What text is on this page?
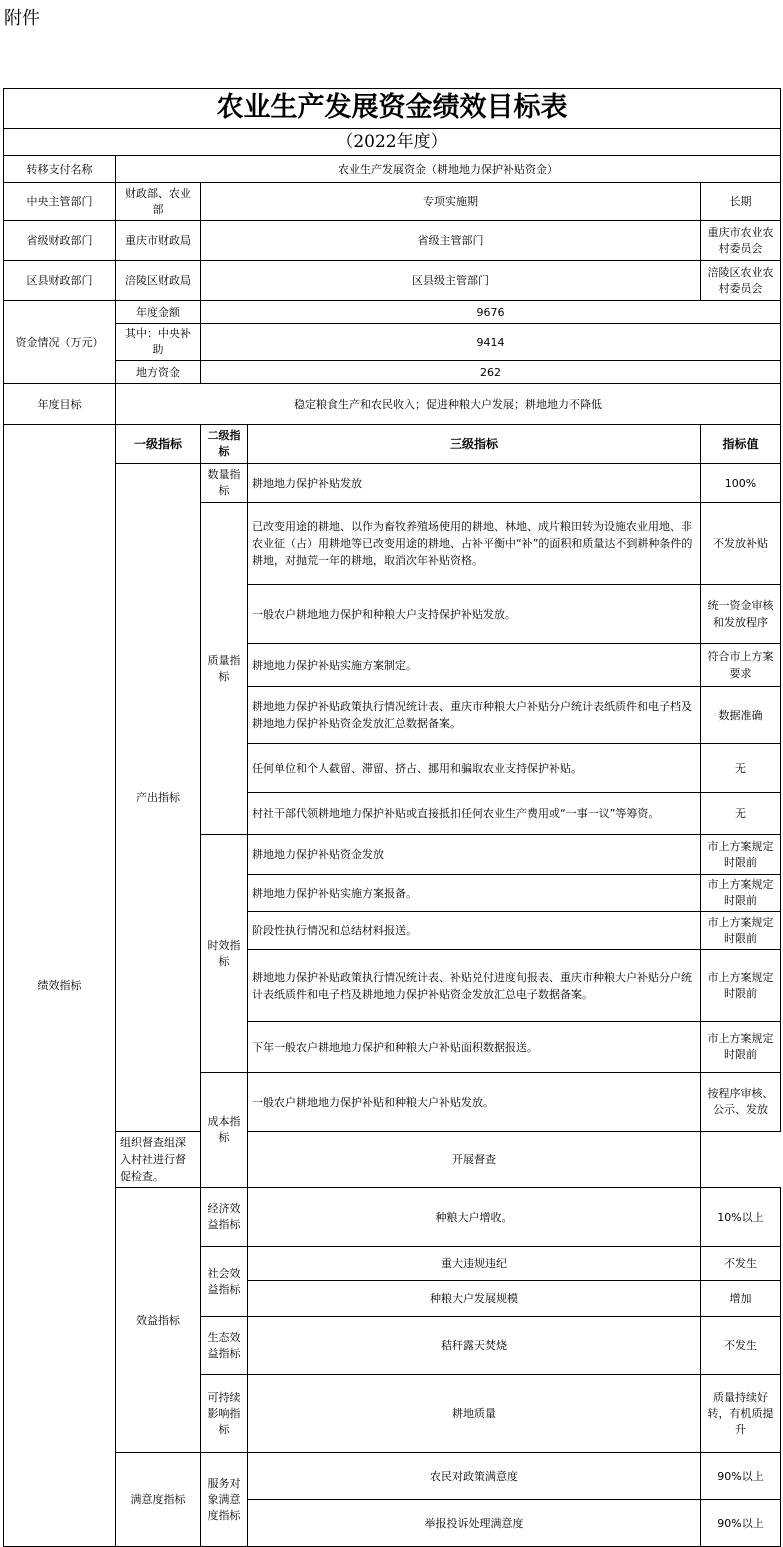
附件
农业生产发展资金绩效目标表				
（2022年度）				
转移支付名称	农业生产发展资金（耕地地力保护补贴资金）			
中央主管部门	财政部、农业部	专项实施期		长期
省级财政部门	重庆市财政局	省级主管部门		重庆市农业农村委员会
区县财政部门	涪陵区财政局	区县级主管部门		涪陵区农业农村委员会
资金情况（万元）	年度金额	9676		
	其中：中央补助	9414		
	地方资金	262		
年度目标	稳定粮食生产和农民收入；促进种粮大户发展；耕地地力不降低			
绩效指标	一级指标	二级指标	三级指标	指标值
	产出指标	数量指标	耕地地力保护补贴发放	100%
		质量指标	已改变用途的耕地、以作为畜牧养殖场使用的耕地、林地、成片粮田转为设施农业用地、非农业征（占）用耕地等已改变用途的耕地、占补平衡中“补”的面积和质量达不到耕种条件的耕地，对抛荒一年的耕地，取消次年补贴资格。	不发放补贴
			一般农户耕地地力保护和种粮大户支持保护补贴发放。	统一资金审核和发放程序
			耕地地力保护补贴实施方案制定。	符合市上方案要求
			耕地地力保护补贴政策执行情况统计表、重庆市种粮大户补贴分户统计表纸质件和电子档及耕地地力保护补贴资金发放汇总数据备案。	数据准确
			任何单位和个人截留、滞留、挤占、挪用和骗取农业支持保护补贴。	无
			村社干部代领耕地地力保护补贴或直接抵扣任何农业生产费用或“一事一议”等筹资。	无
		时效指标	耕地地力保护补贴资金发放	市上方案规定时限前
			耕地地力保护补贴实施方案报备。	市上方案规定时限前
			阶段性执行情况和总结材料报送。	市上方案规定时限前
			耕地地力保护补贴政策执行情况统计表、补贴兑付进度旬报表、重庆市种粮大户补贴分户统计表纸质件和电子档及耕地地力保护补贴资金发放汇总电子数据备案。	市上方案规定时限前
			下年一般农户耕地地力保护和种粮大户补贴面积数据报送。	市上方案规定时限前
		成本指标	一般农户耕地地力保护补贴和种粮大户补贴发放。	按程序审核、公示、发放
	组织督查组深入村社进行督促检查。		开展督查	
	效益指标	经济效益指标	种粮大户增收。	10%以上
		社会效益指标	重大违规违纪	不发生
			种粮大户发展规模	增加
		生态效益指标	秸秆露天焚烧	不发生
		可持续影响指标	耕地质量	质量持续好转，有机质提升
	满意度指标	服务对象满意度指标	农民对政策满意度	90%以上
			举报投诉处理满意度	90%以上
